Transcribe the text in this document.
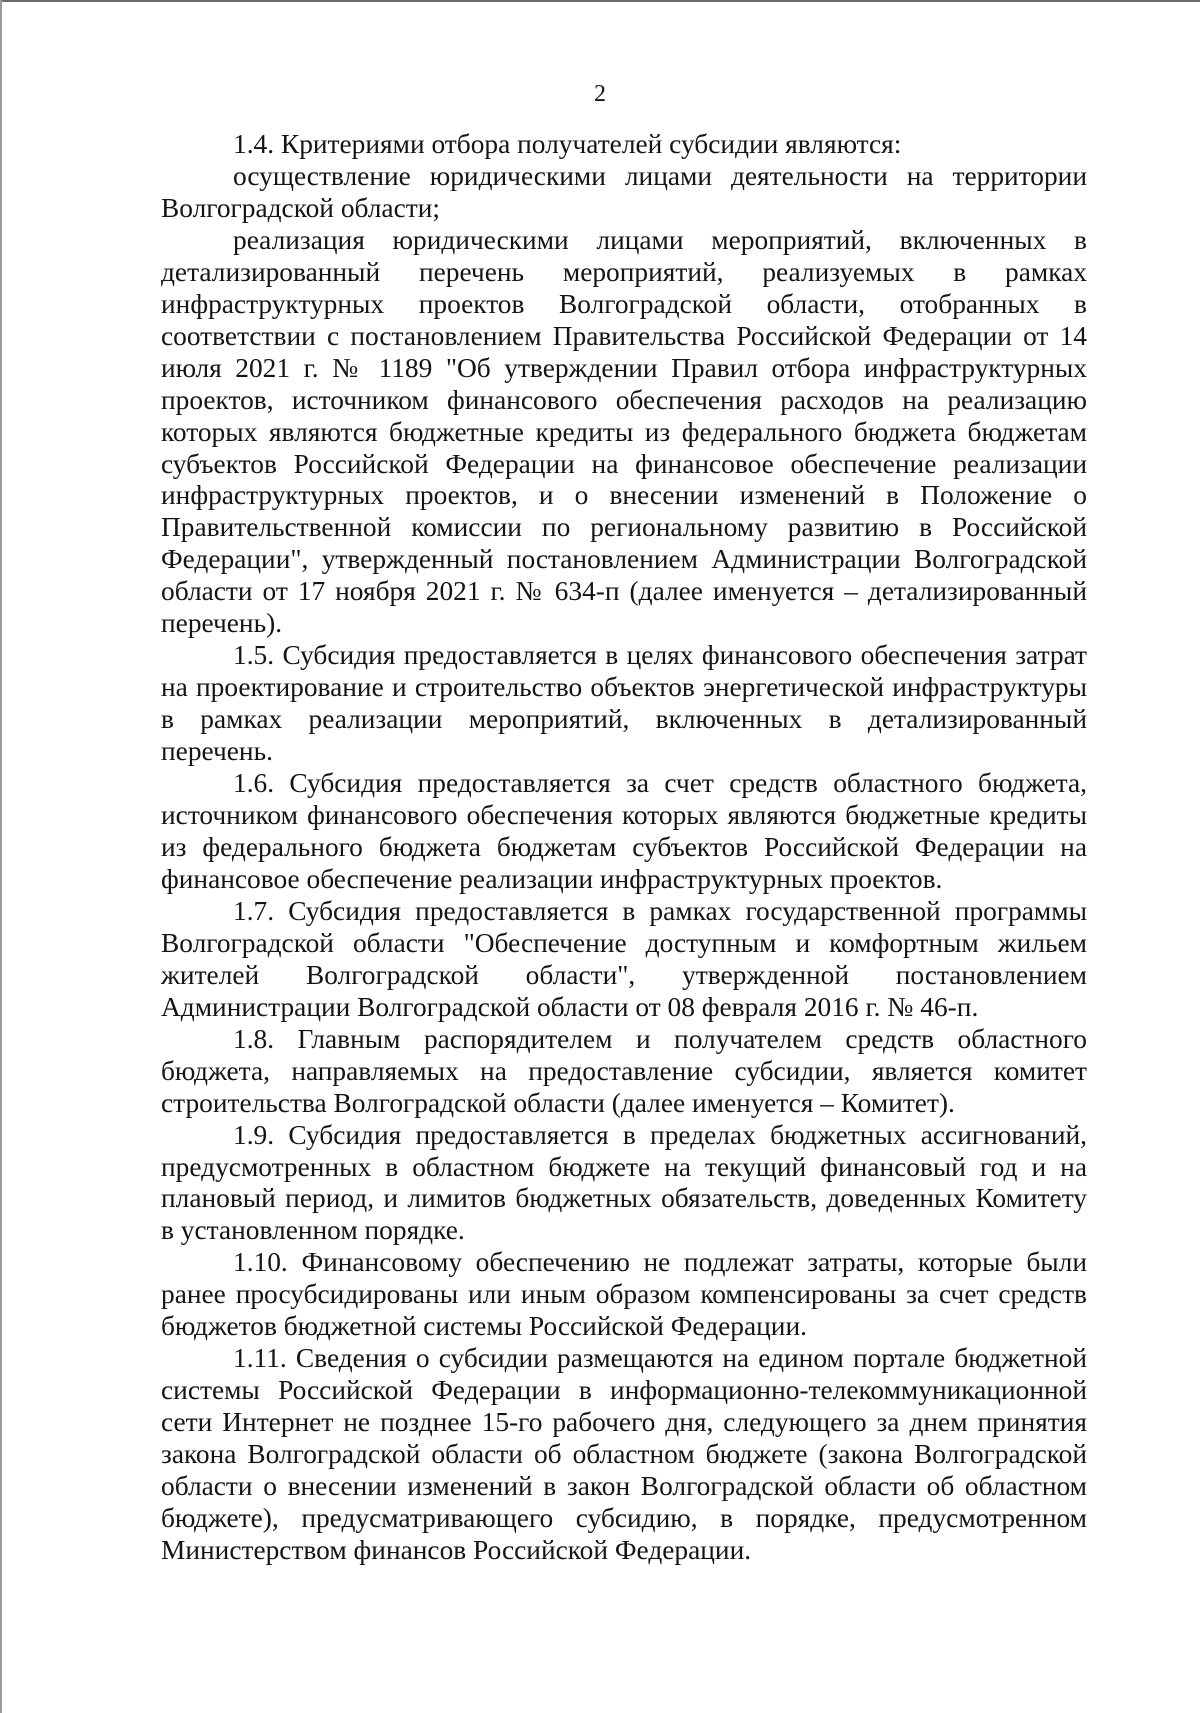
2

1.4. Критериями отбора получателей субсидии являются:

осуществление юридическими лицами деятельности на территории Волгоградской области;

реализация юридическими лицами мероприятий, включенных в детализированный перечень мероприятий, реализуемых в рамках инфраструктурных проектов Волгоградской области, отобранных в соответствии с постановлением Правительства Российской Федерации от 14 июля 2021 г. № 1189 "Об утверждении Правил отбора инфраструктурных проектов, источником финансового обеспечения расходов на реализацию которых являются бюджетные кредиты из федерального бюджета бюджетам субъектов Российской Федерации на финансовое обеспечение реализации инфраструктурных проектов, и о внесении изменений в Положение о Правительственной комиссии по региональному развитию в Российской Федерации", утвержденный постановлением Администрации Волгоградской области от 17 ноября 2021 г. № 634-п (далее именуется – детализированный перечень).

1.5. Субсидия предоставляется в целях финансового обеспечения затрат на проектирование и строительство объектов энергетической инфраструктуры в рамках реализации мероприятий, включенных в детализированный перечень.

1.6. Субсидия предоставляется за счет средств областного бюджета, источником финансового обеспечения которых являются бюджетные кредиты из федерального бюджета бюджетам субъектов Российской Федерации на финансовое обеспечение реализации инфраструктурных проектов.

1.7. Субсидия предоставляется в рамках государственной программы Волгоградской области "Обеспечение доступным и комфортным жильем жителей Волгоградской области", утвержденной постановлением Администрации Волгоградской области от 08 февраля 2016 г. № 46-п.

1.8. Главным распорядителем и получателем средств областного бюджета, направляемых на предоставление субсидии, является комитет строительства Волгоградской области (далее именуется – Комитет).

1.9. Субсидия предоставляется в пределах бюджетных ассигнований, предусмотренных в областном бюджете на текущий финансовый год и на плановый период, и лимитов бюджетных обязательств, доведенных Комитету в установленном порядке.

1.10. Финансовому обеспечению не подлежат затраты, которые были ранее просубсидированы или иным образом компенсированы за счет средств бюджетов бюджетной системы Российской Федерации.

1.11. Сведения о субсидии размещаются на едином портале бюджетной системы Российской Федерации в информационно-телекоммуникационной сети Интернет не позднее 15-го рабочего дня, следующего за днем принятия закона Волгоградской области об областном бюджете (закона Волгоградской области о внесении изменений в закон Волгоградской области об областном бюджете), предусматривающего субсидию, в порядке, предусмотренном Министерством финансов Российской Федерации.
